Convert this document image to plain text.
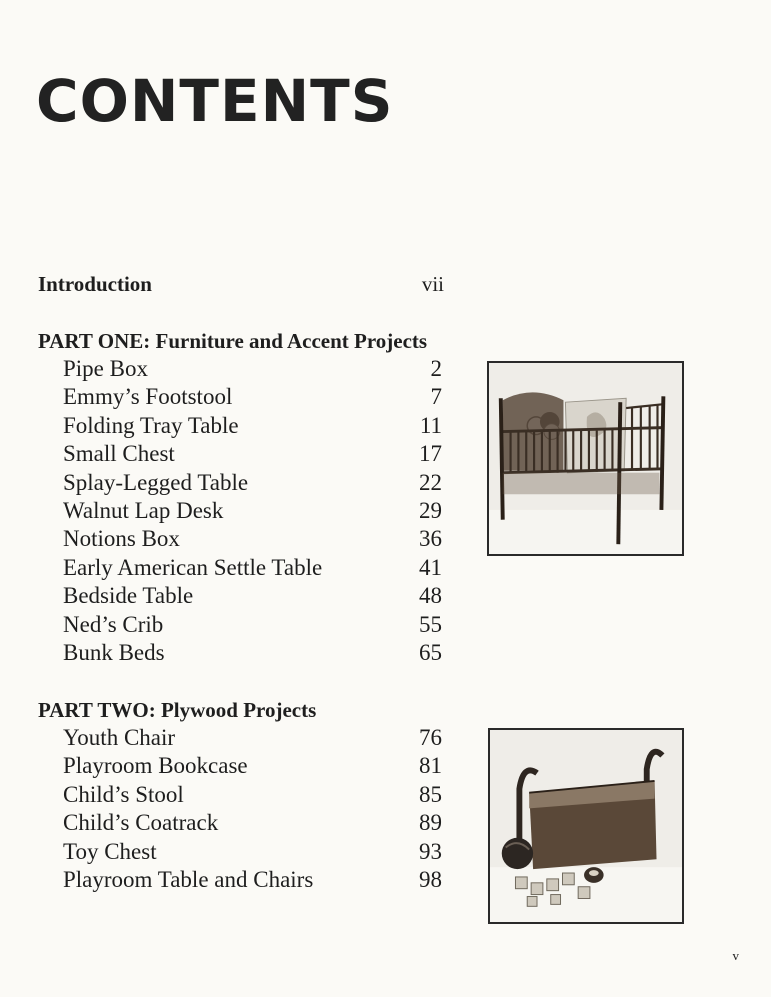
CONTENTS
Introduction	vii
PART ONE: Furniture and Accent Projects
Pipe Box	2
Emmy’s Footstool	7
Folding Tray Table	11
Small Chest	17
Splay-Legged Table	22
Walnut Lap Desk	29
Notions Box	36
Early American Settle Table	41
Bedside Table	48
Ned’s Crib	55
Bunk Beds	65
PART TWO: Plywood Projects
Youth Chair	76
Playroom Bookcase	81
Child’s Stool	85
Child’s Coatrack	89
Toy Chest	93
Playroom Table and Chairs	98
v
